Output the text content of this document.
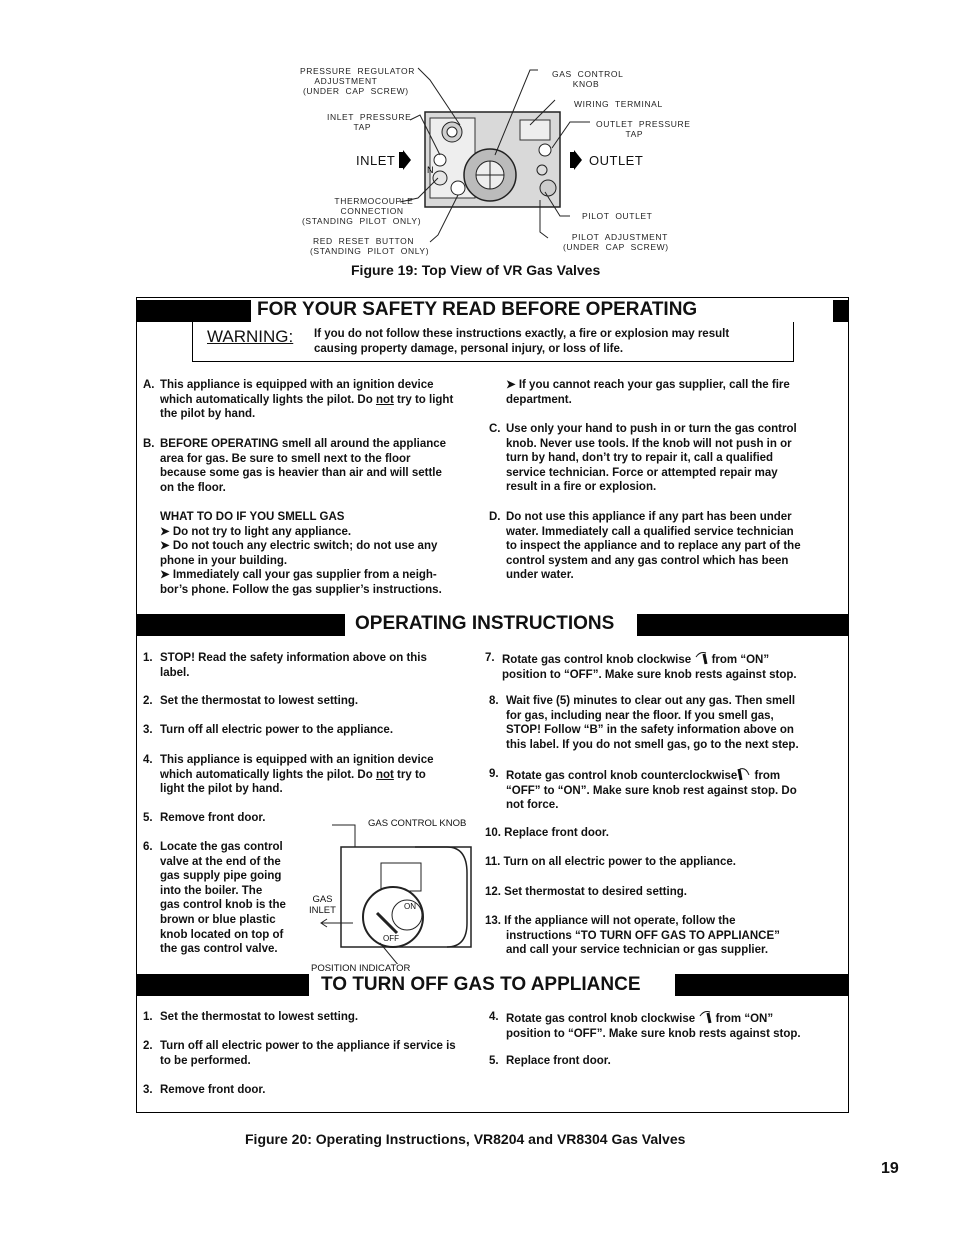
N
PRESSURE  REGULATOR
ADJUSTMENT
(UNDER  CAP  SCREW)
GAS  CONTROL
KNOB
WIRING  TERMINAL
INLET  PRESSURE
TAP	OUTLET  PRESSURE
TAP
INLET	OUTLET
THERMOCOUPLE
CONNECTION
(STANDING  PILOT  ONLY)	PILOT  OUTLET
RED  RESET  BUTTON
(STANDING  PILOT  ONLY)
PILOT  ADJUSTMENT
(UNDER  CAP  SCREW)
Figure 19: Top View of VR Gas Valves
FOR YOUR SAFETY READ BEFORE OPERATING
WARNING: If you do not follow these instructions exactly, a fire or explosion may result
causing property damage, personal injury, or loss of life.
A. This appliance is equipped with an ignition device
which automatically lights the pilot. Do not try to light
the pilot by hand.
B. BEFORE OPERATING smell all around the appliance
area for gas. Be sure to smell next to the floor
because some gas is heavier than air and will settle
on the floor.
WHAT TO DO IF YOU SMELL GAS
➤ Do not try to light any appliance.
➤ Do not touch any electric switch; do not use any
phone in your building.
➤ Immediately call your gas supplier from a neigh-
bor’s phone. Follow the gas supplier’s instructions.
➤ If you cannot reach your gas supplier, call the fire
department.
C. Use only your hand to push in or turn the gas control
knob. Never use tools. If the knob will not push in or
turn by hand, don’t try to repair it, call a qualified
service technician. Force or attempted repair may
result in a fire or explosion.
D. Do not use this appliance if any part has been under
water. Immediately call a qualified service technician
to inspect the appliance and to replace any part of the
control system and any gas control which has been
under water.
OPERATING INSTRUCTIONS
1. STOP! Read the safety information above on this
label.
2. Set the thermostat to lowest setting.
3. Turn off all electric power to the appliance.
4. This appliance is equipped with an ignition device
which automatically lights the pilot. Do not try to
light the pilot by hand.
5. Remove front door.
6. Locate the gas control
valve at the end of the
gas supply pipe going
into the boiler. The
gas control knob is the
brown or blue plastic
knob located on top of
the gas control valve.
GAS CONTROL KNOB
GAS
INLET	ON
OFF
7. Rotate gas control knob clockwise from “ON”
position to “OFF”. Make sure knob rests against stop.
8. Wait five (5) minutes to clear out any gas. Then smell
for gas, including near the floor. If you smell gas,
STOP! Follow “B” in the safety information above on
this label. If you do not smell gas, go to the next step.
9. Rotate gas control knob counterclockwise from
“OFF” to “ON”. Make sure knob rest against stop. Do
not force.
10. Replace front door.
11. Turn on all electric power to the appliance.
12. Set thermostat to desired setting.
13. If the appliance will not operate, follow the
instructions “TO TURN OFF GAS TO APPLIANCE”
and call your service technician or gas supplier.
POSITION INDICATOR
TO TURN OFF GAS TO APPLIANCE
1. Set the thermostat to lowest setting.
2. Turn off all electric power to the appliance if service is
to be performed.
3. Remove front door.
4. Rotate gas control knob clockwise from “ON”
position to “OFF”. Make sure knob rests against stop.
5. Replace front door.
Figure 20: Operating Instructions, VR8204 and VR8304 Gas Valves
19
